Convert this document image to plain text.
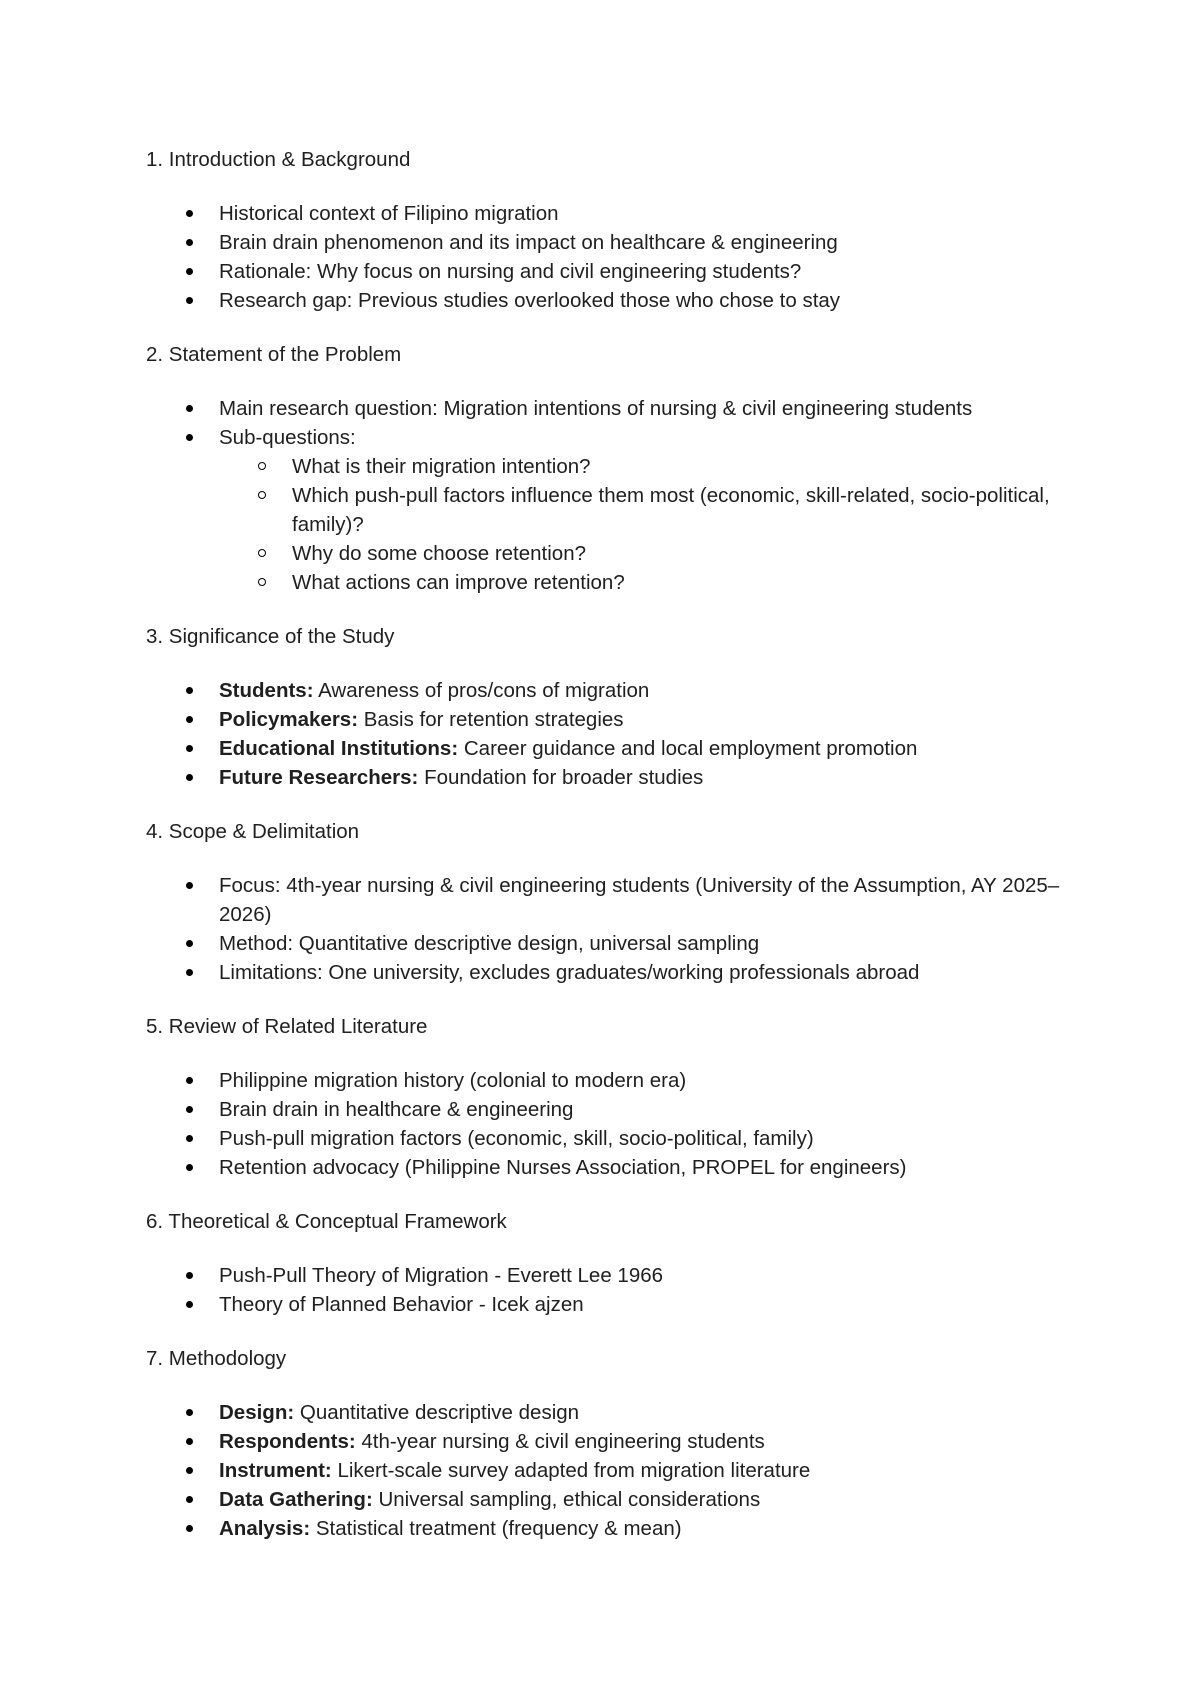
1. Introduction & Background
Historical context of Filipino migration
Brain drain phenomenon and its impact on healthcare & engineering
Rationale: Why focus on nursing and civil engineering students?
Research gap: Previous studies overlooked those who chose to stay
2. Statement of the Problem
Main research question: Migration intentions of nursing & civil engineering students
Sub-questions:
What is their migration intention?
Which push-pull factors influence them most (economic, skill-related, socio-political, family)?
Why do some choose retention?
What actions can improve retention?
3. Significance of the Study
Students: Awareness of pros/cons of migration
Policymakers: Basis for retention strategies
Educational Institutions: Career guidance and local employment promotion
Future Researchers: Foundation for broader studies
4. Scope & Delimitation
Focus: 4th-year nursing & civil engineering students (University of the Assumption, AY 2025–2026)
Method: Quantitative descriptive design, universal sampling
Limitations: One university, excludes graduates/working professionals abroad
5. Review of Related Literature
Philippine migration history (colonial to modern era)
Brain drain in healthcare & engineering
Push-pull migration factors (economic, skill, socio-political, family)
Retention advocacy (Philippine Nurses Association, PROPEL for engineers)
6. Theoretical & Conceptual Framework
Push-Pull Theory of Migration - Everett Lee 1966
Theory of Planned Behavior - Icek ajzen
7. Methodology
Design: Quantitative descriptive design
Respondents: 4th-year nursing & civil engineering students
Instrument: Likert-scale survey adapted from migration literature
Data Gathering: Universal sampling, ethical considerations
Analysis: Statistical treatment (frequency & mean)
